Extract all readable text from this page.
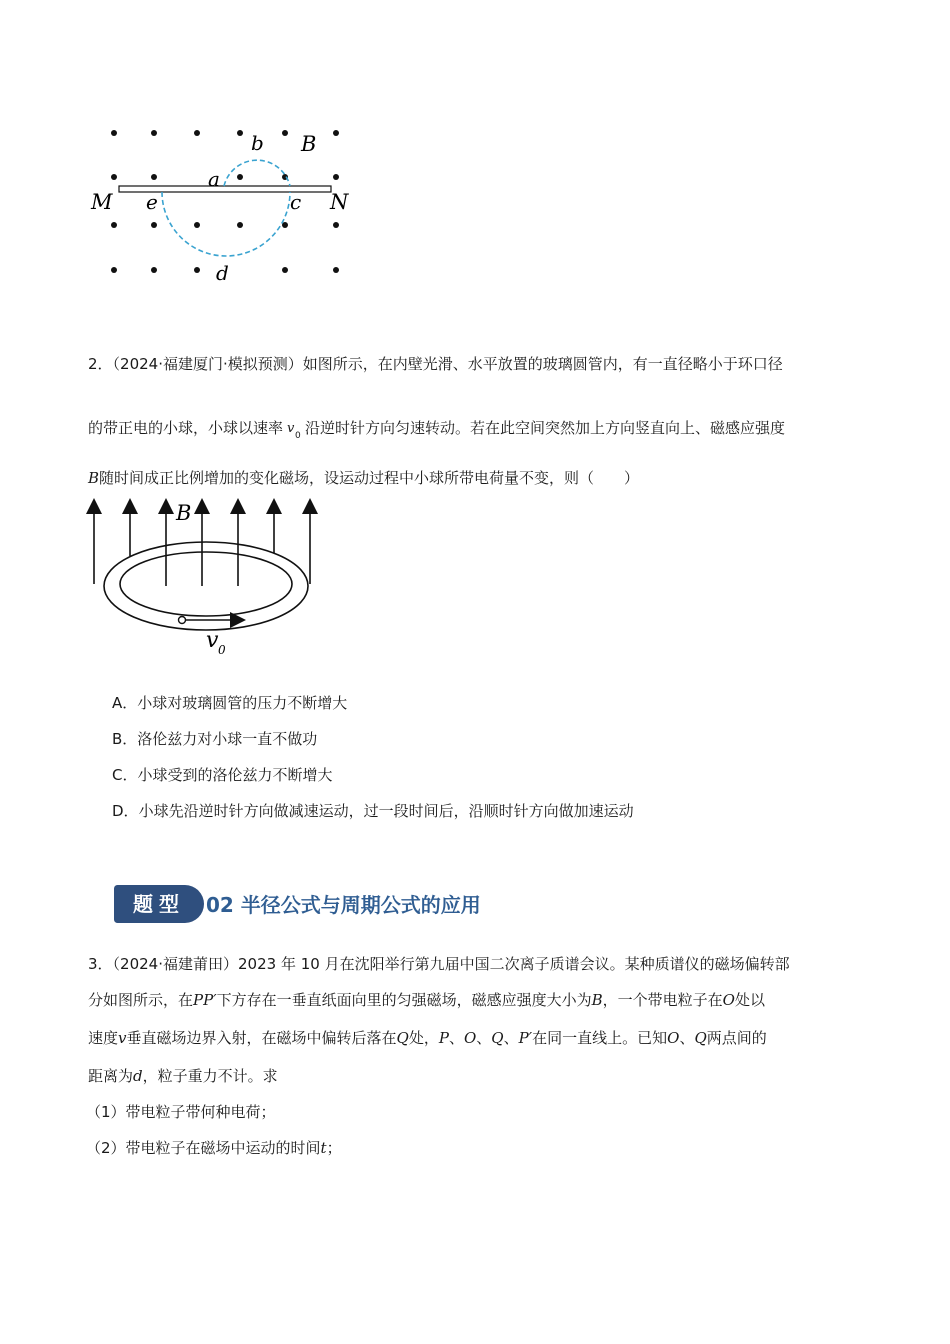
b B
a
M e	c N
d
2．（2024·福建厦门·模拟预测）如图所示，在内壁光滑、水平放置的玻璃圆管内，有一直径略小于环口径
的带正电的小球，小球以速率 v 0 沿逆时针方向匀速转动。若在此空间突然加上方向竖直向上、磁感应强度
B随时间成正比例增加的变化磁场，设运动过程中小球所带电荷量不变，则（　　）
B
v 0
A．小球对玻璃圆管的压力不断增大
B．洛伦兹力对小球一直不做功
C．小球受到的洛伦兹力不断增大
D．小球先沿逆时针方向做减速运动，过一段时间后，沿顺时针方向做加速运动
题型	02 半径公式与周期公式的应用
3．（2024·福建莆田）2023 年 10 月在沈阳举行第九届中国二次离子质谱会议。某种质谱仪的磁场偏转部
分如图所示，在PP′下方存在一垂直纸面向里的匀强磁场，磁感应强度大小为B，一个带电粒子在O处以
速度v垂直磁场边界入射，在磁场中偏转后落在Q处，P、O、Q、P′在同一直线上。已知O、Q两点间的
距离为d，粒子重力不计。求
（1）带电粒子带何种电荷；
（2）带电粒子在磁场中运动的时间t；
